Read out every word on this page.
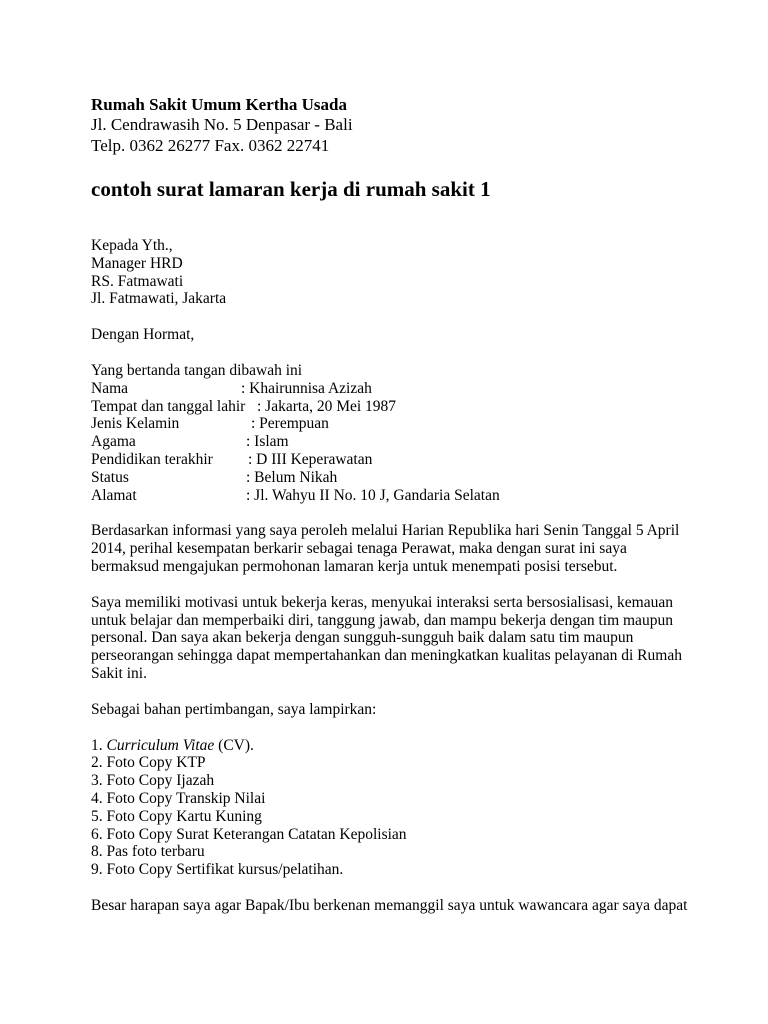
Rumah Sakit Umum Kertha Usada
Jl. Cendrawasih No. 5 Denpasar - Bali
Telp. 0362 26277 Fax. 0362 22741
contoh surat lamaran kerja di rumah sakit 1
Kepada Yth.,
Manager HRD
RS. Fatmawati
Jl. Fatmawati, Jakarta
Dengan Hormat,
Yang bertanda tangan dibawah ini
Nama	: Khairunnisa Azizah
Tempat dan tanggal lahir : Jakarta, 20 Mei 1987
Jenis Kelamin	: Perempuan
Agama	: Islam
Pendidikan terakhir	: D III Keperawatan
Status	: Belum Nikah
Alamat	: Jl. Wahyu II No. 10 J, Gandaria Selatan
Berdasarkan informasi yang saya peroleh melalui Harian Republika hari Senin Tanggal 5 April
2014, perihal kesempatan berkarir sebagai tenaga Perawat, maka dengan surat ini saya
bermaksud mengajukan permohonan lamaran kerja untuk menempati posisi tersebut.
Saya memiliki motivasi untuk bekerja keras, menyukai interaksi serta bersosialisasi, kemauan
untuk belajar dan memperbaiki diri, tanggung jawab, dan mampu bekerja dengan tim maupun
personal. Dan saya akan bekerja dengan sungguh-sungguh baik dalam satu tim maupun
perseorangan sehingga dapat mempertahankan dan meningkatkan kualitas pelayanan di Rumah
Sakit ini.
Sebagai bahan pertimbangan, saya lampirkan:
1. Curriculum Vitae (CV).
2. Foto Copy KTP
3. Foto Copy Ijazah
4. Foto Copy Transkip Nilai
5. Foto Copy Kartu Kuning
6. Foto Copy Surat Keterangan Catatan Kepolisian
8. Pas foto terbaru
9. Foto Copy Sertifikat kursus/pelatihan.
Besar harapan saya agar Bapak/Ibu berkenan memanggil saya untuk wawancara agar saya dapat
